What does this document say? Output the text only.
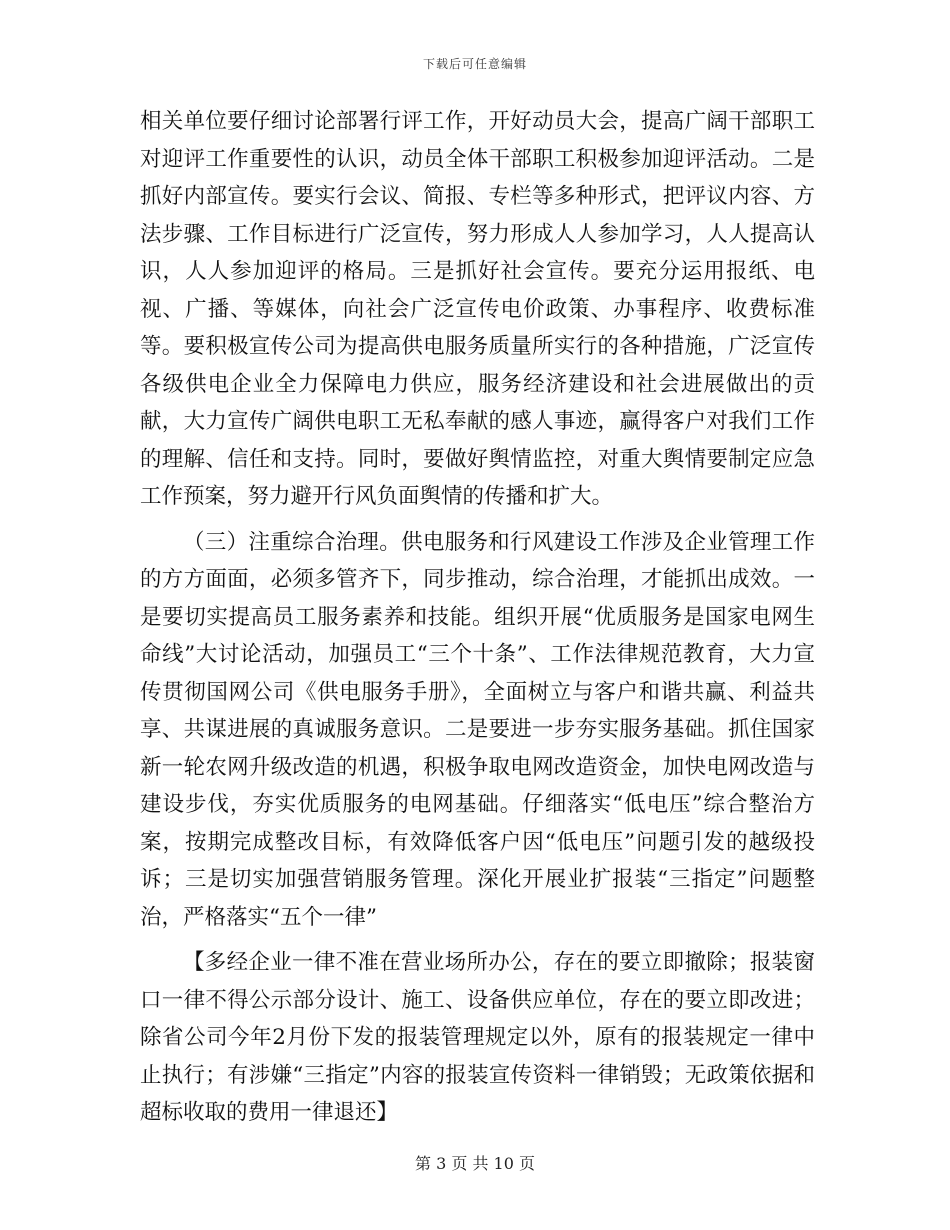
下载后可任意编辑

相关单位要仔细讨论部署行评工作，开好动员大会，提高广阔干部职工对迎评工作重要性的认识，动员全体干部职工积极参加迎评活动。二是抓好内部宣传。要实行会议、简报、专栏等多种形式，把评议内容、方法步骤、工作目标进行广泛宣传，努力形成人人参加学习，人人提高认识，人人参加迎评的格局。三是抓好社会宣传。要充分运用报纸、电视、广播、等媒体，向社会广泛宣传电价政策、办事程序、收费标准等。要积极宣传公司为提高供电服务质量所实行的各种措施，广泛宣传各级供电企业全力保障电力供应，服务经济建设和社会进展做出的贡献，大力宣传广阔供电职工无私奉献的感人事迹，赢得客户对我们工作的理解、信任和支持。同时，要做好舆情监控，对重大舆情要制定应急工作预案，努力避开行风负面舆情的传播和扩大。

（三）注重综合治理。供电服务和行风建设工作涉及企业管理工作的方方面面，必须多管齐下，同步推动，综合治理，才能抓出成效。一是要切实提高员工服务素养和技能。组织开展“优质服务是国家电网生命线”大讨论活动，加强员工“三个十条”、工作法律规范教育，大力宣传贯彻国网公司《供电服务手册》，全面树立与客户和谐共赢、利益共享、共谋进展的真诚服务意识。二是要进一步夯实服务基础。抓住国家新一轮农网升级改造的机遇，积极争取电网改造资金，加快电网改造与建设步伐，夯实优质服务的电网基础。仔细落实“低电压”综合整治方案，按期完成整改目标，有效降低客户因“低电压”问题引发的越级投诉；三是切实加强营销服务管理。深化开展业扩报装“三指定”问题整治，严格落实“五个一律”

【多经企业一律不准在营业场所办公，存在的要立即撤除；报装窗口一律不得公示部分设计、施工、设备供应单位，存在的要立即改进；除省公司今年2月份下发的报装管理规定以外，原有的报装规定一律中止执行；有涉嫌“三指定”内容的报装宣传资料一律销毁；无政策依据和超标收取的费用一律退还】

第 3 页 共 10 页
